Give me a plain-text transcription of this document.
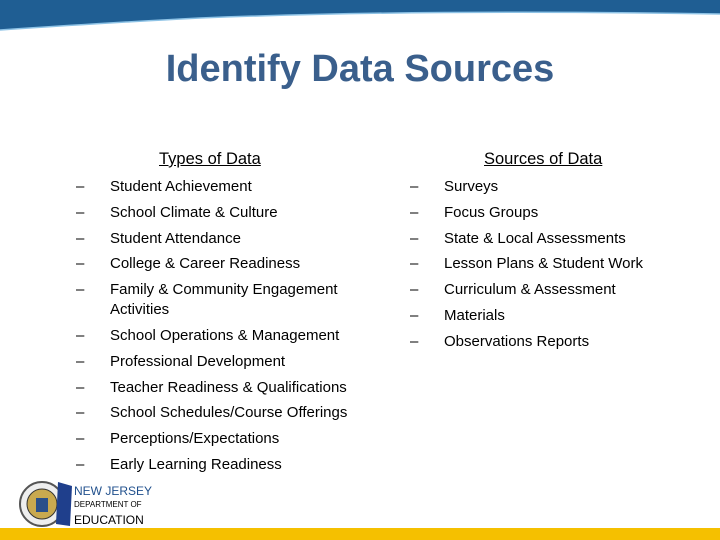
Identify Data Sources
Types of Data
– Student Achievement
– School Climate & Culture
– Student Attendance
– College & Career Readiness
– Family & Community Engagement Activities
– School Operations & Management
– Professional Development
– Teacher Readiness & Qualifications
– School Schedules/Course Offerings
– Perceptions/Expectations
– Early Learning Readiness
Sources of Data
– Surveys
– Focus Groups
– State & Local Assessments
– Lesson Plans & Student Work
– Curriculum & Assessment
– Materials
– Observations Reports
NEW JERSEY
DEPARTMENT OF
EDUCATION
